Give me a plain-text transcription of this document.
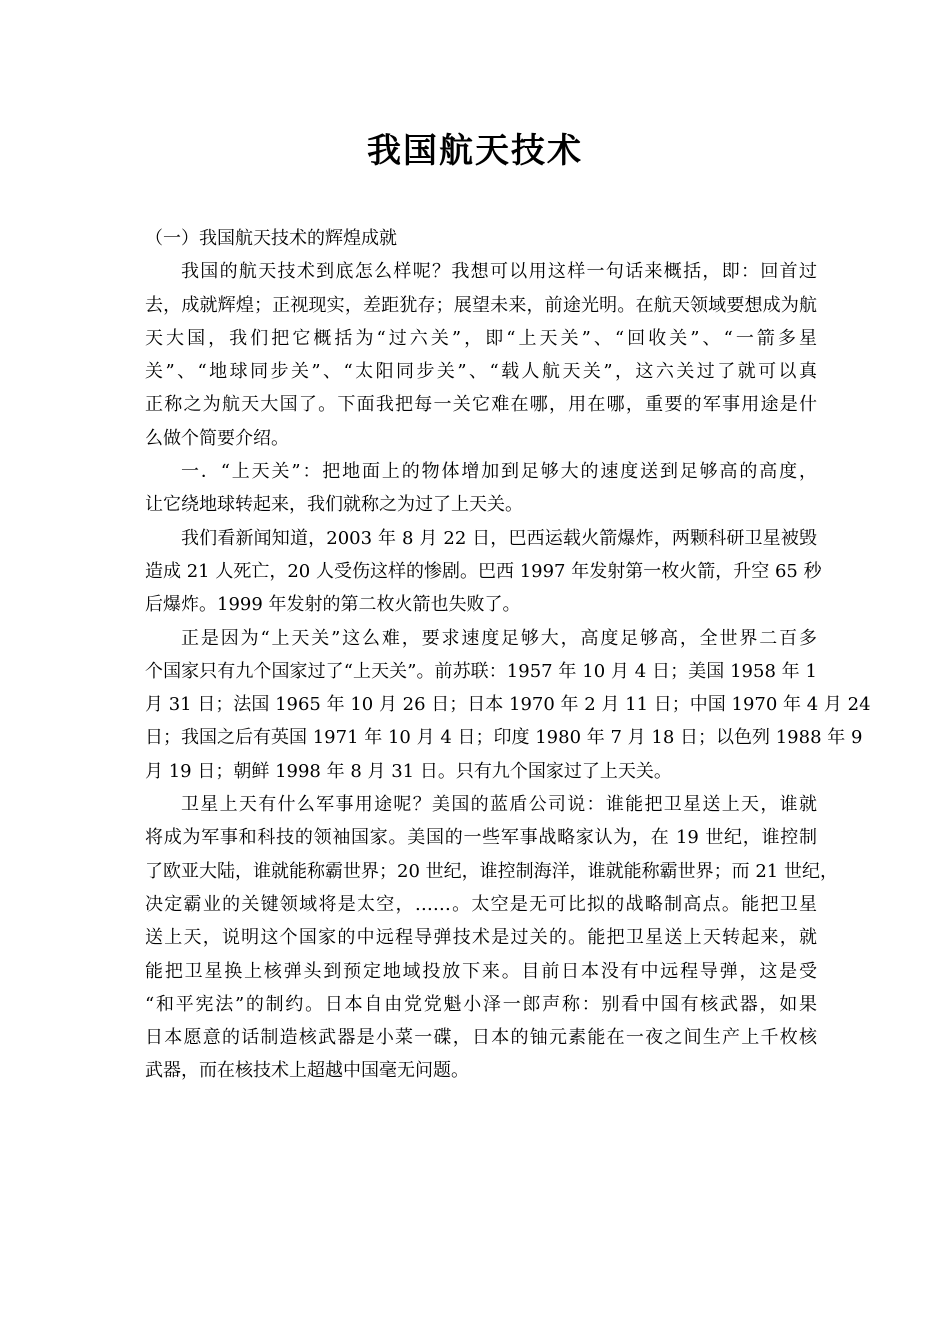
我国航天技术
（一）我国航天技术的辉煌成就
我国的航天技术到底怎么样呢？我想可以用这样一句话来概括，即：回首过
去，成就辉煌；正视现实，差距犹存；展望未来，前途光明。在航天领域要想成为航
天大国，我们把它概括为“过六关”，即“上天关”、“回收关”、“一箭多星
关”、“地球同步关”、“太阳同步关”、“载人航天关”，这六关过了就可以真
正称之为航天大国了。下面我把每一关它难在哪，用在哪，重要的军事用途是什
么做个简要介绍。
一．“上天关”：把地面上的物体增加到足够大的速度送到足够高的高度，
让它绕地球转起来，我们就称之为过了上天关。
我们看新闻知道，2003 年 8 月 22 日，巴西运载火箭爆炸，两颗科研卫星被毁
造成 21 人死亡，20 人受伤这样的惨剧。巴西 1997 年发射第一枚火箭，升空 65 秒
后爆炸。1999 年发射的第二枚火箭也失败了。
正是因为“上天关”这么难，要求速度足够大，高度足够高，全世界二百多
个国家只有九个国家过了“上天关”。前苏联：1957 年 10 月 4 日；美国 1958 年 1
月 31 日；法国 1965 年 10 月 26 日；日本 1970 年 2 月 11 日；中国 1970 年 4 月 24
日；我国之后有英国 1971 年 10 月 4 日；印度 1980 年 7 月 18 日；以色列 1988 年 9
月 19 日；朝鲜 1998 年 8 月 31 日。只有九个国家过了上天关。
卫星上天有什么军事用途呢？美国的蓝盾公司说：谁能把卫星送上天，谁就
将成为军事和科技的领袖国家。美国的一些军事战略家认为，在 19 世纪，谁控制
了欧亚大陆，谁就能称霸世界；20 世纪，谁控制海洋，谁就能称霸世界；而 21 世纪，
决定霸业的关键领域将是太空，……。太空是无可比拟的战略制高点。能把卫星
送上天，说明这个国家的中远程导弹技术是过关的。能把卫星送上天转起来，就
能把卫星换上核弹头到预定地域投放下来。目前日本没有中远程导弹，这是受
“和平宪法”的制约。日本自由党党魁小泽一郎声称：别看中国有核武器，如果
日本愿意的话制造核武器是小菜一碟，日本的铀元素能在一夜之间生产上千枚核
武器，而在核技术上超越中国毫无问题。
